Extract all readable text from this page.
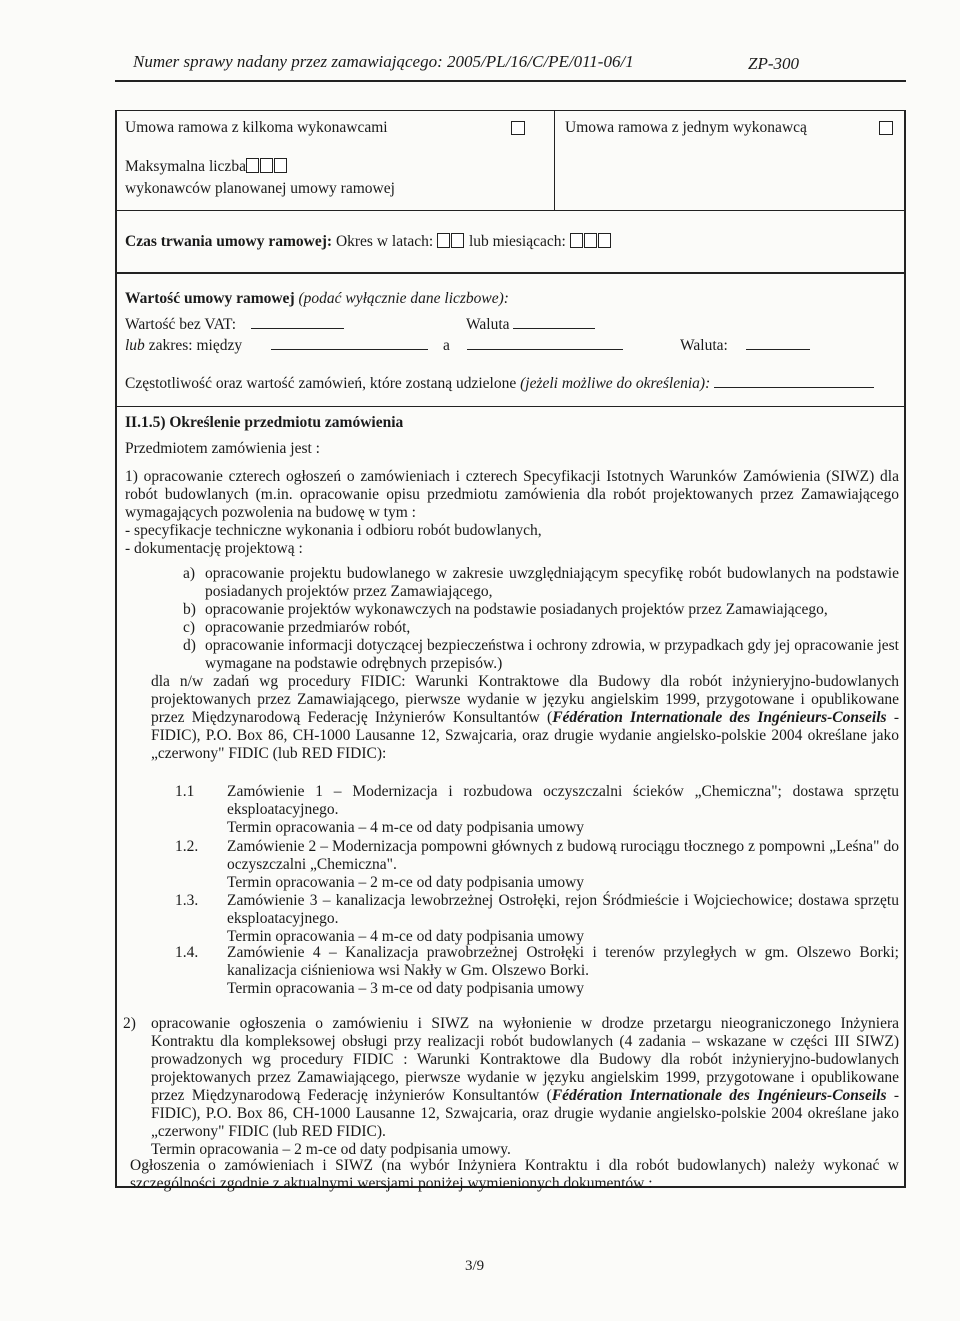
Numer sprawy nadany przez zamawiającego: 2005/PL/16/C/PE/011-06/1	ZP-300
Umowa ramowa z kilkoma wykonawcami	Umowa ramowa z jednym wykonawcą
Maksymalna liczba
wykonawców planowanej umowy ramowej
Czas trwania umowy ramowej: Okres w latach: lub miesiącach:
Wartość umowy ramowej (podać wyłącznie dane liczbowe):
Wartość bez VAT:	Waluta
lub zakres: między	a	Waluta:
Częstotliwość oraz wartość zamówień, które zostaną udzielone (jeżeli możliwe do określenia):
II.1.5) Określenie przedmiotu zamówienia
Przedmiotem zamówienia jest :
1) opracowanie czterech ogłoszeń o zamówieniach i czterech Specyfikacji Istotnych Warunków Zamówienia (SIWZ) dla robót budowlanych (m.in. opracowanie opisu przedmiotu zamówienia dla robót projektowanych przez Zamawiającego wymagających pozwolenia na budowę w tym :
- specyfikacje techniczne wykonania i odbioru robót budowlanych,
- dokumentację projektową :
a) opracowanie projektu budowlanego w zakresie uwzględniającym specyfikę robót budowlanych na podstawie posiadanych projektów przez Zamawiającego,
b) opracowanie projektów wykonawczych na podstawie posiadanych projektów przez Zamawiającego,
c) opracowanie przedmiarów robót,
d) opracowanie informacji dotyczącej bezpieczeństwa i ochrony zdrowia, w przypadkach gdy jej opracowanie jest wymagane na podstawie odrębnych przepisów.)
dla n/w zadań wg procedury FIDIC: Warunki Kontraktowe dla Budowy dla robót inżynieryjno-budowlanych projektowanych przez Zamawiającego, pierwsze wydanie w języku angielskim 1999, przygotowane i opublikowane przez Międzynarodową Federację Inżynierów Konsultantów (Fédération Internationale des Ingénieurs-Conseils - FIDIC), P.O. Box 86, CH-1000 Lausanne 12, Szwajcaria, oraz drugie wydanie angielsko-polskie 2004 określane jako „czerwony" FIDIC (lub RED FIDIC):
1.1 Zamówienie 1 – Modernizacja i rozbudowa oczyszczalni ścieków „Chemiczna"; dostawa sprzętu eksploatacyjnego.
Termin opracowania – 4 m-ce od daty podpisania umowy
1.2. Zamówienie 2 – Modernizacja pompowni głównych z budową rurociągu tłocznego z pompowni „Leśna" do oczyszczalni „Chemiczna".
Termin opracowania – 2 m-ce od daty podpisania umowy
1.3. Zamówienie 3 – kanalizacja lewobrzeżnej Ostrołęki, rejon Śródmieście i Wojciechowice; dostawa sprzętu eksploatacyjnego.
Termin opracowania – 4 m-ce od daty podpisania umowy
1.4. Zamówienie 4 – Kanalizacja prawobrzeżnej Ostrołęki i terenów przyległych w gm. Olszewo Borki; kanalizacja ciśnieniowa wsi Nakły w Gm. Olszewo Borki.
Termin opracowania – 3 m-ce od daty podpisania umowy
2) opracowanie ogłoszenia o zamówieniu i SIWZ na wyłonienie w drodze przetargu nieograniczonego Inżyniera Kontraktu dla kompleksowej obsługi przy realizacji robót budowlanych (4 zadania – wskazane w części III SIWZ) prowadzonych wg procedury FIDIC : Warunki Kontraktowe dla Budowy dla robót inżynieryjno-budowlanych projektowanych przez Zamawiającego, pierwsze wydanie w języku angielskim 1999, przygotowane i opublikowane przez Międzynarodową Federację inżynierów Konsultantów (Fédération Internationale des Ingénieurs-Conseils - FIDIC), P.O. Box 86, CH-1000 Lausanne 12, Szwajcaria, oraz drugie wydanie angielsko-polskie 2004 określane jako „czerwony" FIDIC (lub RED FIDIC).
Termin opracowania – 2 m-ce od daty podpisania umowy.
Ogłoszenia o zamówieniach i SIWZ (na wybór Inżyniera Kontraktu i dla robót budowlanych) należy wykonać w szczególności zgodnie z aktualnymi wersjami poniżej wymienionych dokumentów :
3/9
